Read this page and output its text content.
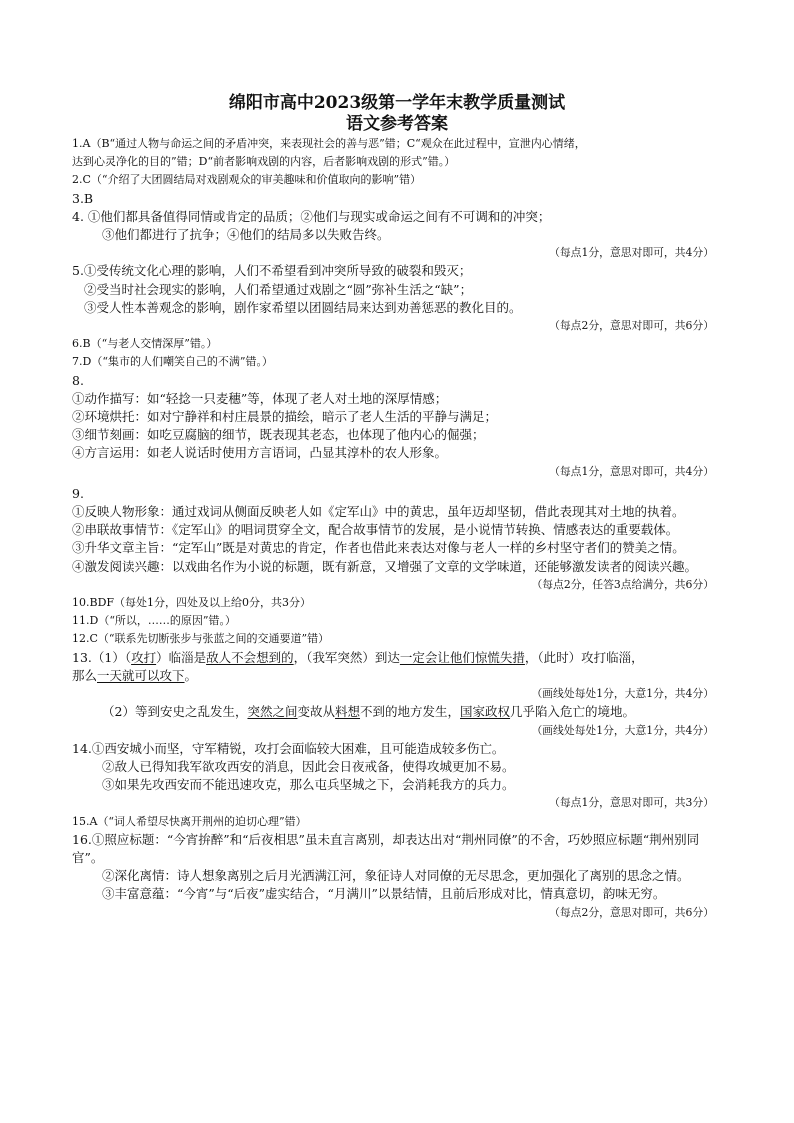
绵阳市高中2023级第一学年末教学质量测试
语文参考答案
1.A（B“通过人物与命运之间的矛盾冲突，来表现社会的善与恶”错；C“观众在此过程中，宣泄内心情绪，
达到心灵净化的目的”错；D“前者影响戏剧的内容，后者影响戏剧的形式”错。）
2.C（“介绍了大团圆结局对戏剧观众的审美趣味和价值取向的影响”错）
3.B
4. ①他们都具备值得同情或肯定的品质；②他们与现实或命运之间有不可调和的冲突；
③他们都进行了抗争；④他们的结局多以失败告终。
（每点1分，意思对即可，共4分）
5.①受传统文化心理的影响，人们不希望看到冲突所导致的破裂和毁灭；
②受当时社会现实的影响，人们希望通过戏剧之“圆”弥补生活之“缺”；
③受人性本善观念的影响，剧作家希望以团圆结局来达到劝善惩恶的教化目的。
（每点2分，意思对即可，共6分）
6.B（“与老人交情深厚”错。）
7.D（“集市的人们嘲笑自己的不满”错。）
8.
①动作描写：如“轻捻一只麦穗”等，体现了老人对土地的深厚情感；
②环境烘托：如对宁静祥和村庄晨景的描绘，暗示了老人生活的平静与满足；
③细节刻画：如吃豆腐脑的细节，既表现其老态，也体现了他内心的倔强；
④方言运用：如老人说话时使用方言语词，凸显其淳朴的农人形象。
（每点1分，意思对即可，共4分）
9.
①反映人物形象：通过戏词从侧面反映老人如《定军山》中的黄忠，虽年迈却坚韧，借此表现其对土地的执着。
②串联故事情节：《定军山》的唱词贯穿全文，配合故事情节的发展，是小说情节转换、情感表达的重要载体。
③升华文章主旨：“定军山”既是对黄忠的肯定，作者也借此来表达对像与老人一样的乡村坚守者们的赞美之情。
④激发阅读兴趣：以戏曲名作为小说的标题，既有新意，又增强了文章的文学味道，还能够激发读者的阅读兴趣。
（每点2分，任答3点给满分，共6分）
10.BDF（每处1分，四处及以上给0分，共3分）
11.D（“所以，……的原因”错。）
12.C（“联系先切断张步与张蓝之间的交通要道”错）
13.（1）（攻打）临淄是敌人不会想到的，（我军突然）到达一定会让他们惊慌失措，（此时）攻打临淄，
那么一天就可以攻下。
（画线处每处1分，大意1分，共4分）
（2）等到安史之乱发生，突然之间变故从料想不到的地方发生，国家政权几乎陷入危亡的境地。
（画线处每处1分，大意1分，共4分）
14.①西安城小而坚，守军精锐，攻打会面临较大困难，且可能造成较多伤亡。
②敌人已得知我军欲攻西安的消息，因此会日夜戒备，使得攻城更加不易。
③如果先攻西安而不能迅速攻克，那么屯兵坚城之下，会消耗我方的兵力。
（每点1分，意思对即可，共3分）
15.A（“词人希望尽快离开荆州的迫切心理”错）
16.①照应标题：“今宵拚醉”和“后夜相思”虽未直言离别，却表达出对“荆州同僚”的不舍，巧妙照应标题“荆州别同官”。
②深化离情：诗人想象离别之后月光洒满江河，象征诗人对同僚的无尽思念，更加强化了离别的思念之情。
③丰富意蕴：“今宵”与“后夜”虚实结合，“月满川”以景结情，且前后形成对比，情真意切，韵味无穷。
（每点2分，意思对即可，共6分）
